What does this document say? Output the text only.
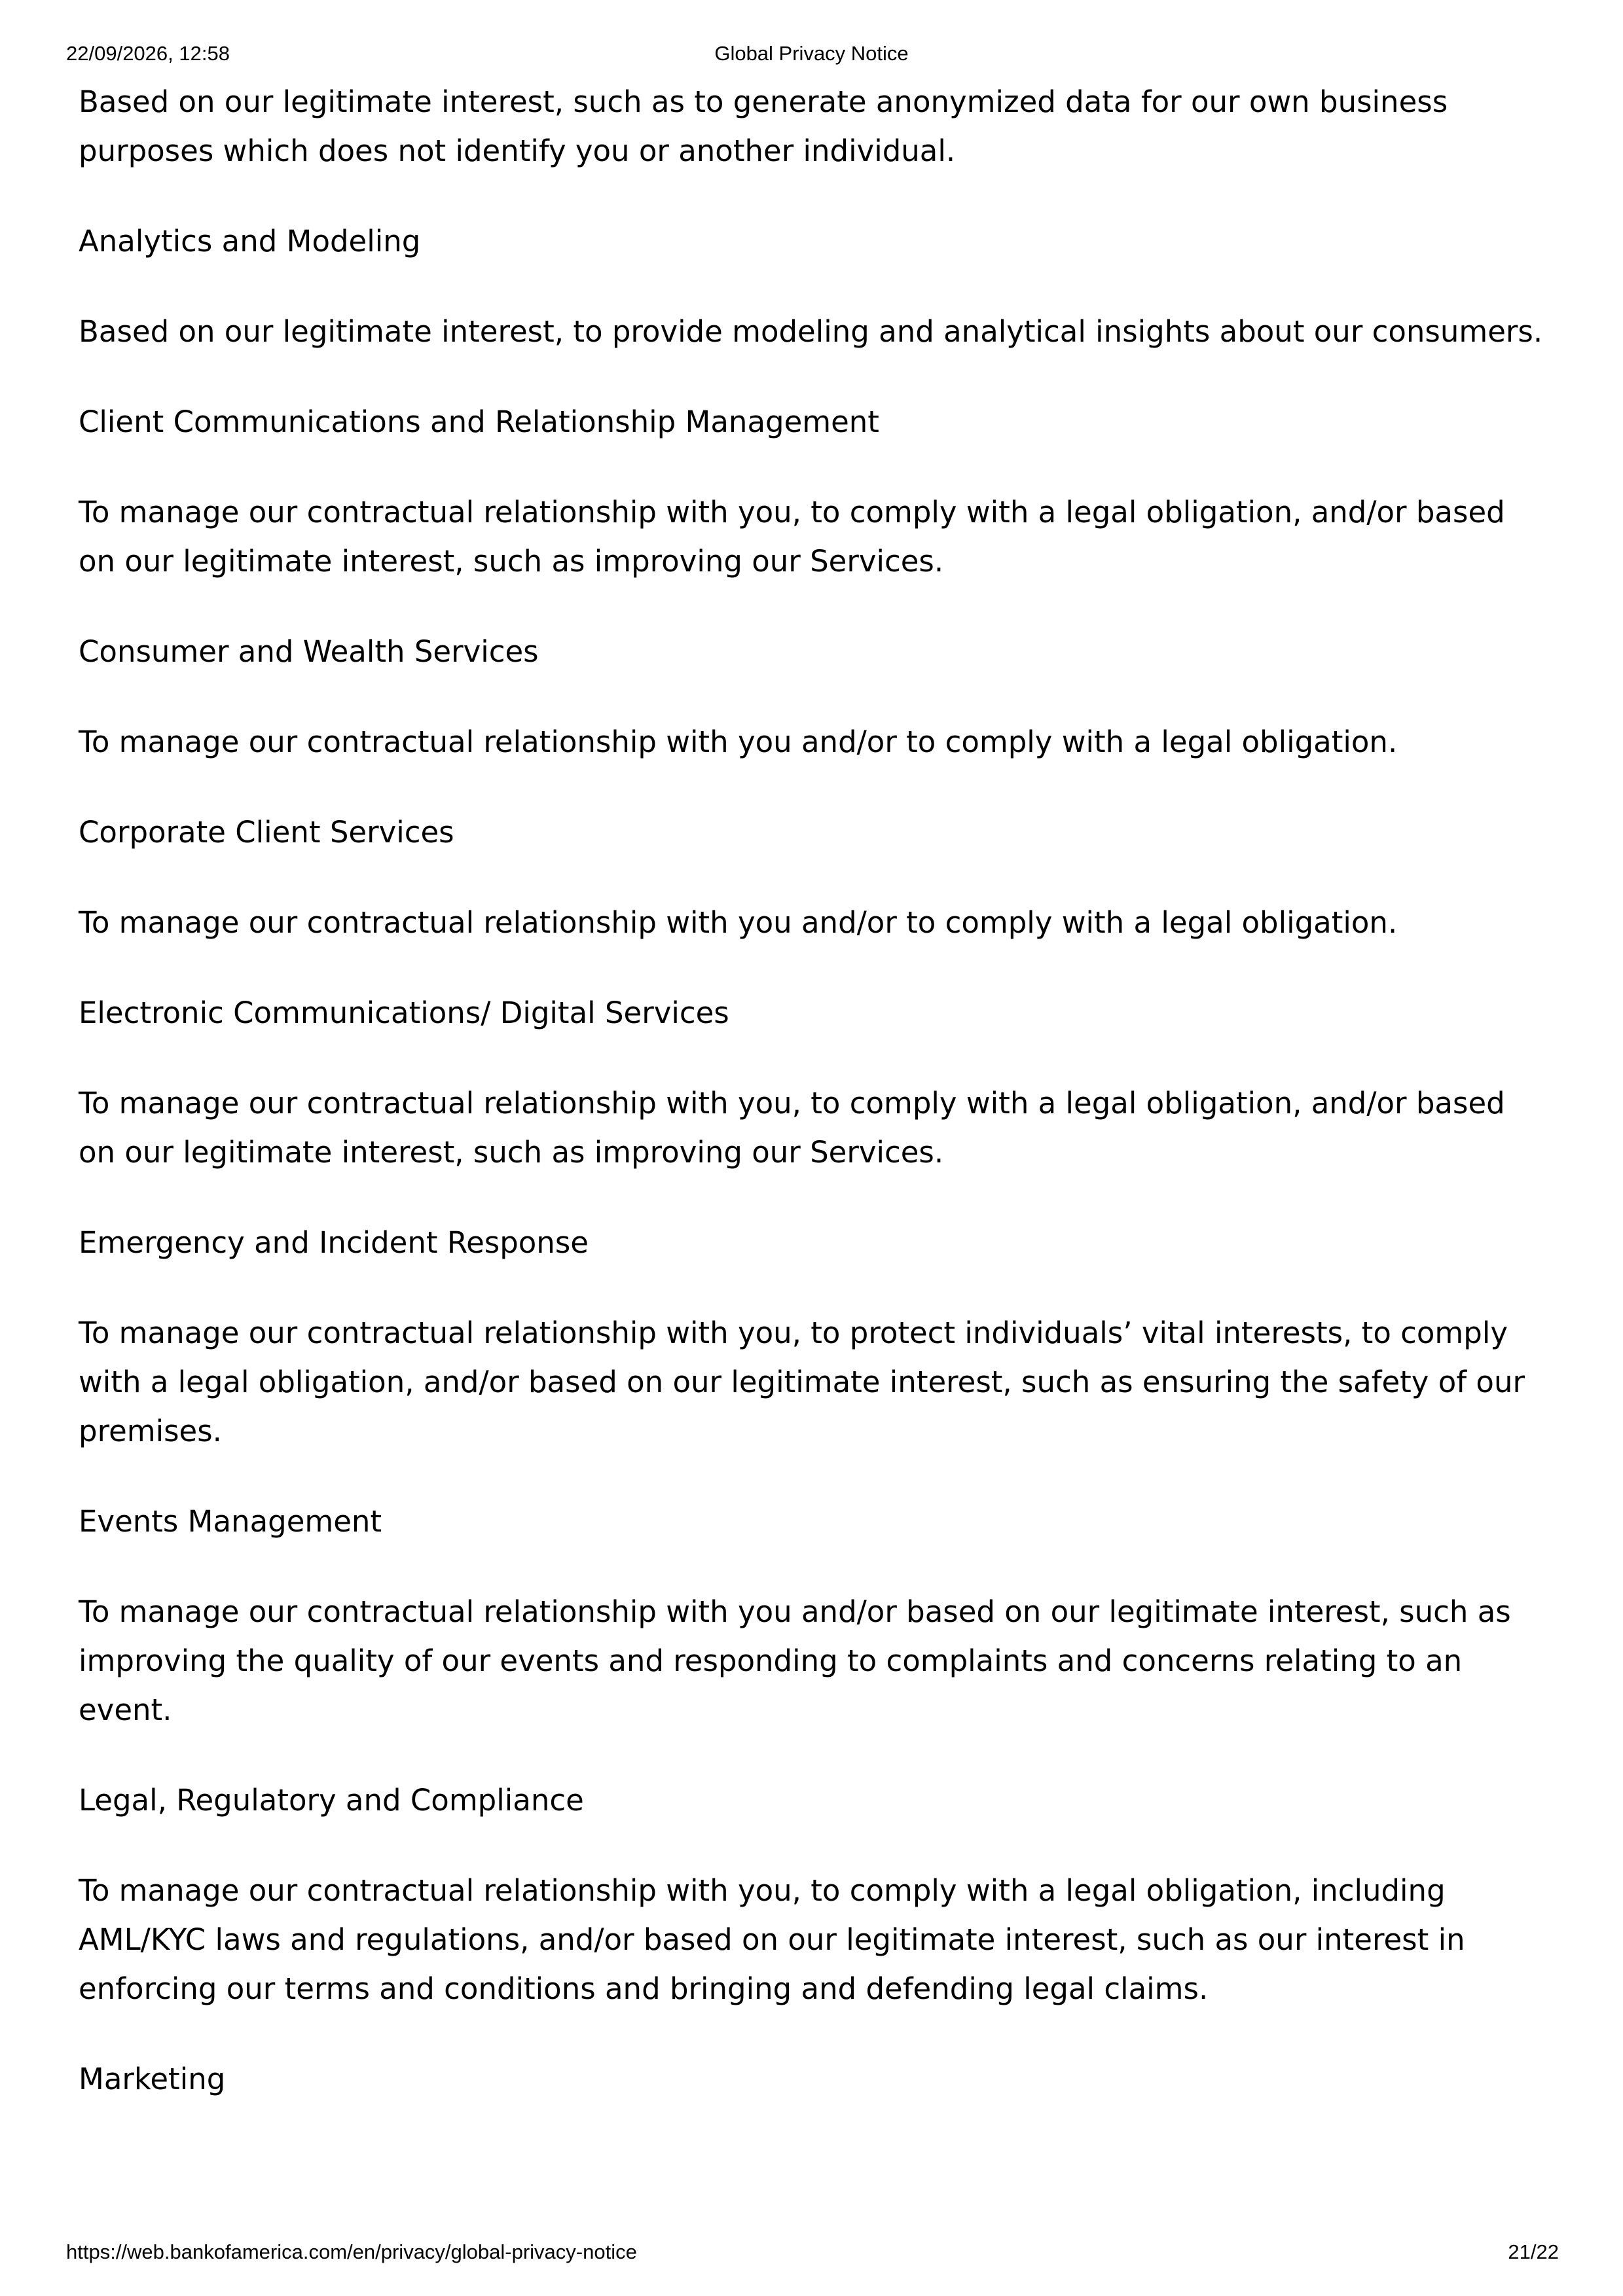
Global Privacy Notice
22/09/2026, 12:58

Based on our legitimate interest, such as to generate anonymized data for our own business purposes which does not identify you or another individual.

Analytics and Modeling

Based on our legitimate interest, to provide modeling and analytical insights about our consumers.

Client Communications and Relationship Management

To manage our contractual relationship with you, to comply with a legal obligation, and/or based on our legitimate interest, such as improving our Services.

Consumer and Wealth Services

To manage our contractual relationship with you and/or to comply with a legal obligation.

Corporate Client Services

To manage our contractual relationship with you and/or to comply with a legal obligation.

Electronic Communications/ Digital Services

To manage our contractual relationship with you, to comply with a legal obligation, and/or based on our legitimate interest, such as improving our Services.

Emergency and Incident Response

To manage our contractual relationship with you, to protect individuals’ vital interests, to comply with a legal obligation, and/or based on our legitimate interest, such as ensuring the safety of our premises.

Events Management

To manage our contractual relationship with you and/or based on our legitimate interest, such as improving the quality of our events and responding to complaints and concerns relating to an event.

Legal, Regulatory and Compliance

To manage our contractual relationship with you, to comply with a legal obligation, including AML/KYC laws and regulations, and/or based on our legitimate interest, such as our interest in enforcing our terms and conditions and bringing and defending legal claims.

Marketing

https://web.bankofamerica.com/en/privacy/global-privacy-notice	21/22
